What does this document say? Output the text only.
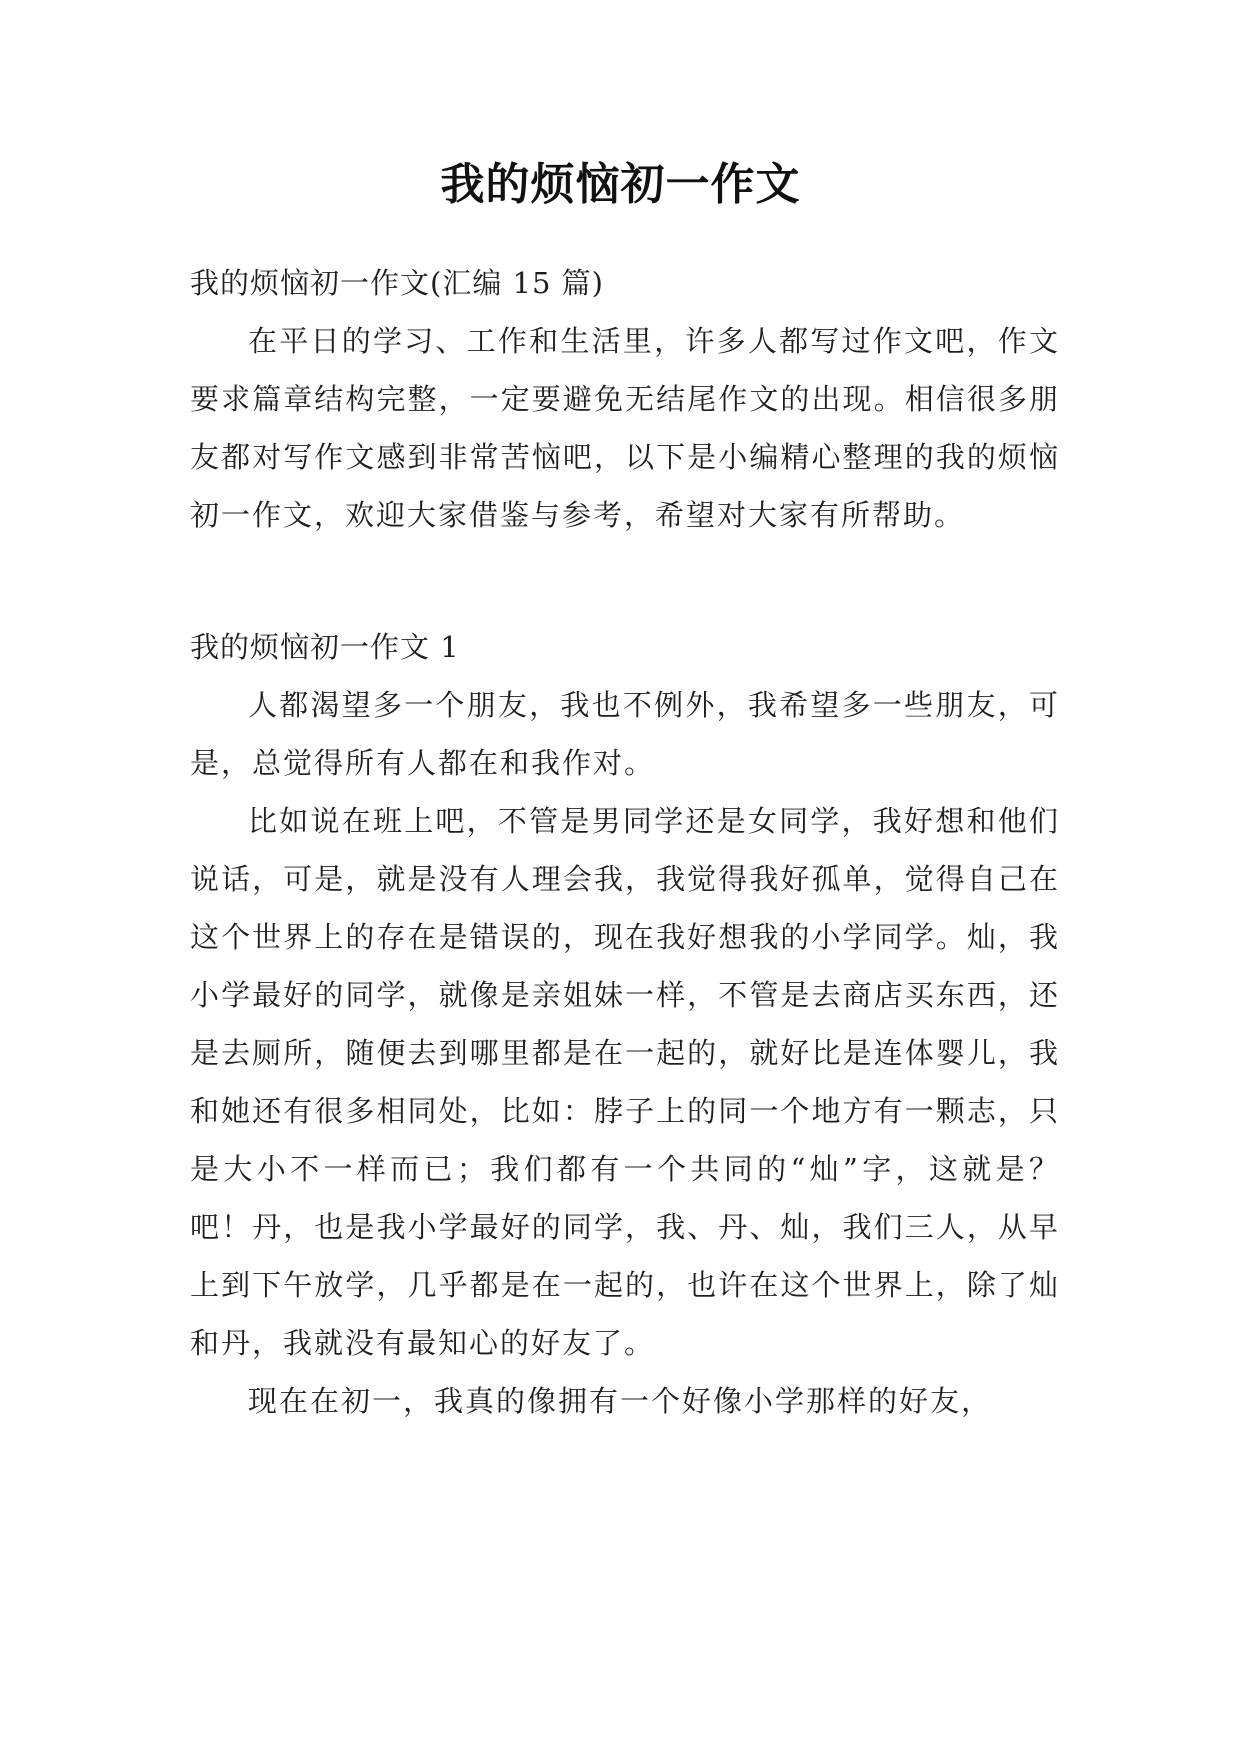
我的烦恼初一作文
我的烦恼初一作文(汇编 15 篇)

在平日的学习、工作和生活里，许多人都写过作文吧，作文要求篇章结构完整，一定要避免无结尾作文的出现。相信很多朋友都对写作文感到非常苦恼吧，以下是小编精心整理的我的烦恼初一作文，欢迎大家借鉴与参考，希望对大家有所帮助。

我的烦恼初一作文 1

人都渴望多一个朋友，我也不例外，我希望多一些朋友，可是，总觉得所有人都在和我作对。

比如说在班上吧，不管是男同学还是女同学，我好想和他们说话，可是，就是没有人理会我，我觉得我好孤单，觉得自己在这个世界上的存在是错误的，现在我好想我的小学同学。灿，我小学最好的同学，就像是亲姐妹一样，不管是去商店买东西，还是去厕所，随便去到哪里都是在一起的，就好比是连体婴儿，我和她还有很多相同处，比如：脖子上的同一个地方有一颗志，只是大小不一样而已；我们都有一个共同的“灿”字，这就是？吧！丹，也是我小学最好的同学，我、丹、灿，我们三人，从早上到下午放学，几乎都是在一起的，也许在这个世界上，除了灿和丹，我就没有最知心的好友了。

现在在初一，我真的像拥有一个好像小学那样的好友，
